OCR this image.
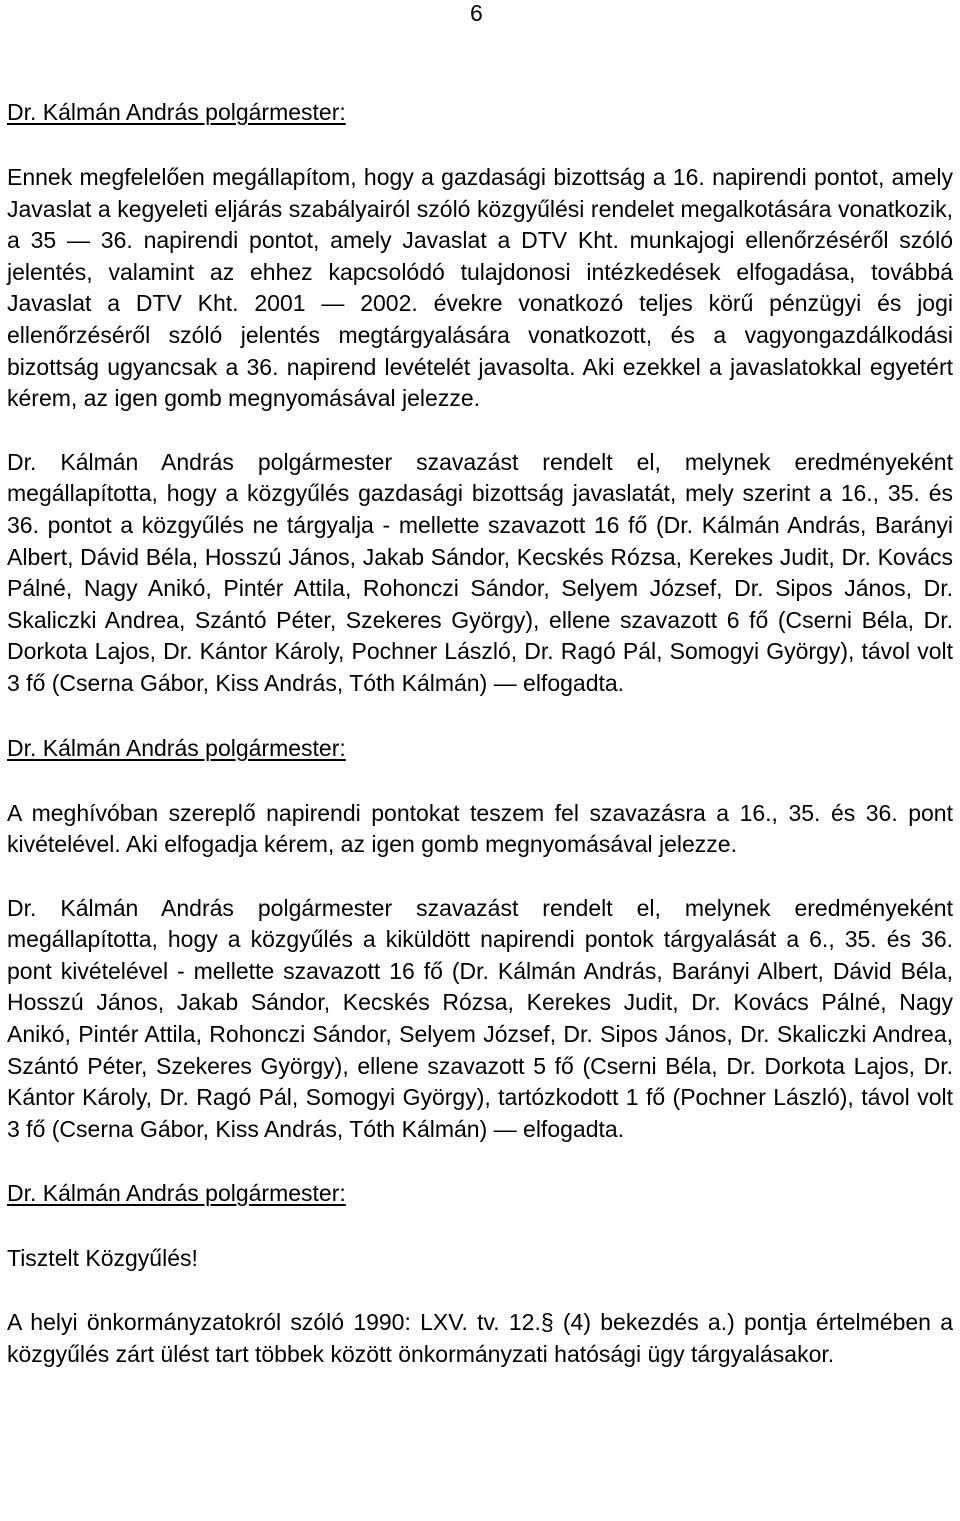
6

Dr. Kálmán András polgármester:

Ennek megfelelően megállapítom, hogy a gazdasági bizottság a 16. napirendi pontot, amely Javaslat a kegyeleti eljárás szabályairól szóló közgyűlési rendelet megalkotására vonatkozik, a 35 — 36. napirendi pontot, amely Javaslat a DTV Kht. munkajogi ellenőrzéséről szóló jelentés, valamint az ehhez kapcsolódó tulajdonosi intézkedések elfogadása, továbbá Javaslat a DTV Kht. 2001 — 2002. évekre vonatkozó teljes körű pénzügyi és jogi ellenőrzéséről szóló jelentés megtárgyalására vonatkozott, és a vagyongazdálkodási bizottság ugyancsak a 36. napirend levételét javasolta. Aki ezekkel a javaslatokkal egyetért kérem, az igen gomb megnyomásával jelezze.

Dr. Kálmán András polgármester szavazást rendelt el, melynek eredményeként megállapította, hogy a közgyűlés gazdasági bizottság javaslatát, mely szerint a 16., 35. és 36. pontot a közgyűlés ne tárgyalja - mellette szavazott 16 fő (Dr. Kálmán András, Barányi Albert, Dávid Béla, Hosszú János, Jakab Sándor, Kecskés Rózsa, Kerekes Judit, Dr. Kovács Pálné, Nagy Anikó, Pintér Attila, Rohonczi Sándor, Selyem József, Dr. Sipos János, Dr. Skaliczki Andrea, Szántó Péter, Szekeres György), ellene szavazott 6 fő (Cserni Béla, Dr. Dorkota Lajos, Dr. Kántor Károly, Pochner László, Dr. Ragó Pál, Somogyi György), távol volt 3 fő (Cserna Gábor, Kiss András, Tóth Kálmán) — elfogadta.

Dr. Kálmán András polgármester:

A meghívóban szereplő napirendi pontokat teszem fel szavazásra a 16., 35. és 36. pont kivételével. Aki elfogadja kérem, az igen gomb megnyomásával jelezze.

Dr. Kálmán András polgármester szavazást rendelt el, melynek eredményeként megállapította, hogy a közgyűlés a kiküldött napirendi pontok tárgyalását a 6., 35. és 36. pont kivételével - mellette szavazott 16 fő (Dr. Kálmán András, Barányi Albert, Dávid Béla, Hosszú János, Jakab Sándor, Kecskés Rózsa, Kerekes Judit, Dr. Kovács Pálné, Nagy Anikó, Pintér Attila, Rohonczi Sándor, Selyem József, Dr. Sipos János, Dr. Skaliczki Andrea, Szántó Péter, Szekeres György), ellene szavazott 5 fő (Cserni Béla, Dr. Dorkota Lajos, Dr. Kántor Károly, Dr. Ragó Pál, Somogyi György), tartózkodott 1 fő (Pochner László), távol volt 3 fő (Cserna Gábor, Kiss András, Tóth Kálmán) — elfogadta.

Dr. Kálmán András polgármester:

Tisztelt Közgyűlés!

A helyi önkormányzatokról szóló 1990: LXV. tv. 12.§ (4) bekezdés a.) pontja értelmében a közgyűlés zárt ülést tart többek között önkormányzati hatósági ügy tárgyalásakor.
